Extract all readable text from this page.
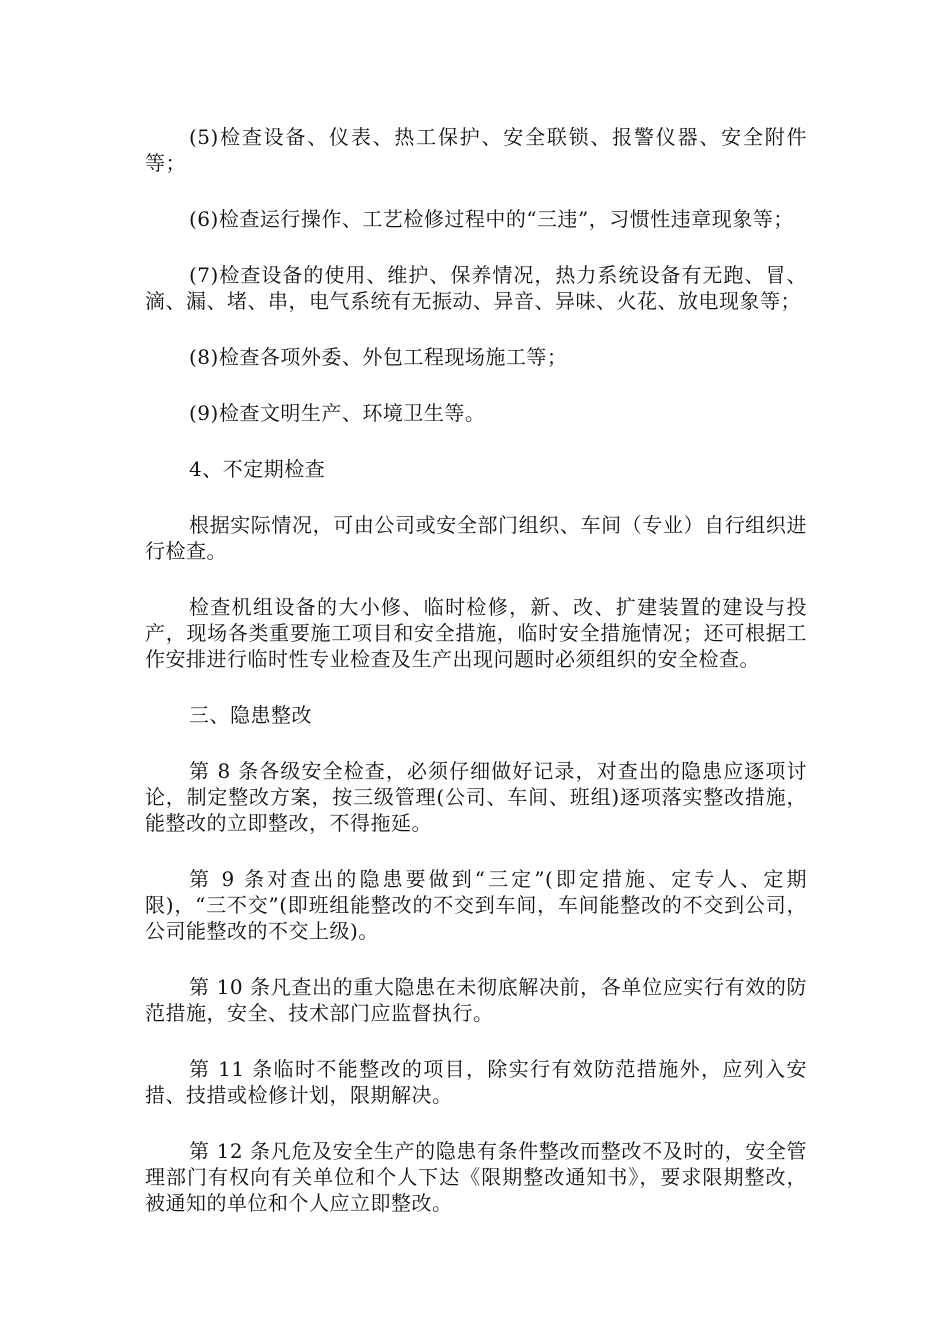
(5)检查设备、仪表、热工保护、安全联锁、报警仪器、安全附件等；

(6)检查运行操作、工艺检修过程中的“三违”，习惯性违章现象等；

(7)检查设备的使用、维护、保养情况，热力系统设备有无跑、冒、滴、漏、堵、串，电气系统有无振动、异音、异味、火花、放电现象等；

(8)检查各项外委、外包工程现场施工等；

(9)检查文明生产、环境卫生等。

4、不定期检查

根据实际情况，可由公司或安全部门组织、车间（专业）自行组织进行检查。

检查机组设备的大小修、临时检修，新、改、扩建装置的建设与投产，现场各类重要施工项目和安全措施，临时安全措施情况；还可根据工作安排进行临时性专业检查及生产出现问题时必须组织的安全检查。

三、隐患整改

第 8 条各级安全检查，必须仔细做好记录，对查出的隐患应逐项讨论，制定整改方案，按三级管理(公司、车间、班组)逐项落实整改措施，能整改的立即整改，不得拖延。

第 9 条对查出的隐患要做到“三定”(即定措施、定专人、定期限)，“三不交”(即班组能整改的不交到车间，车间能整改的不交到公司，公司能整改的不交上级)。

第 10 条凡查出的重大隐患在未彻底解决前，各单位应实行有效的防范措施，安全、技术部门应监督执行。

第 11 条临时不能整改的项目，除实行有效防范措施外，应列入安措、技措或检修计划，限期解决。

第 12 条凡危及安全生产的隐患有条件整改而整改不及时的，安全管理部门有权向有关单位和个人下达《限期整改通知书》，要求限期整改，被通知的单位和个人应立即整改。
